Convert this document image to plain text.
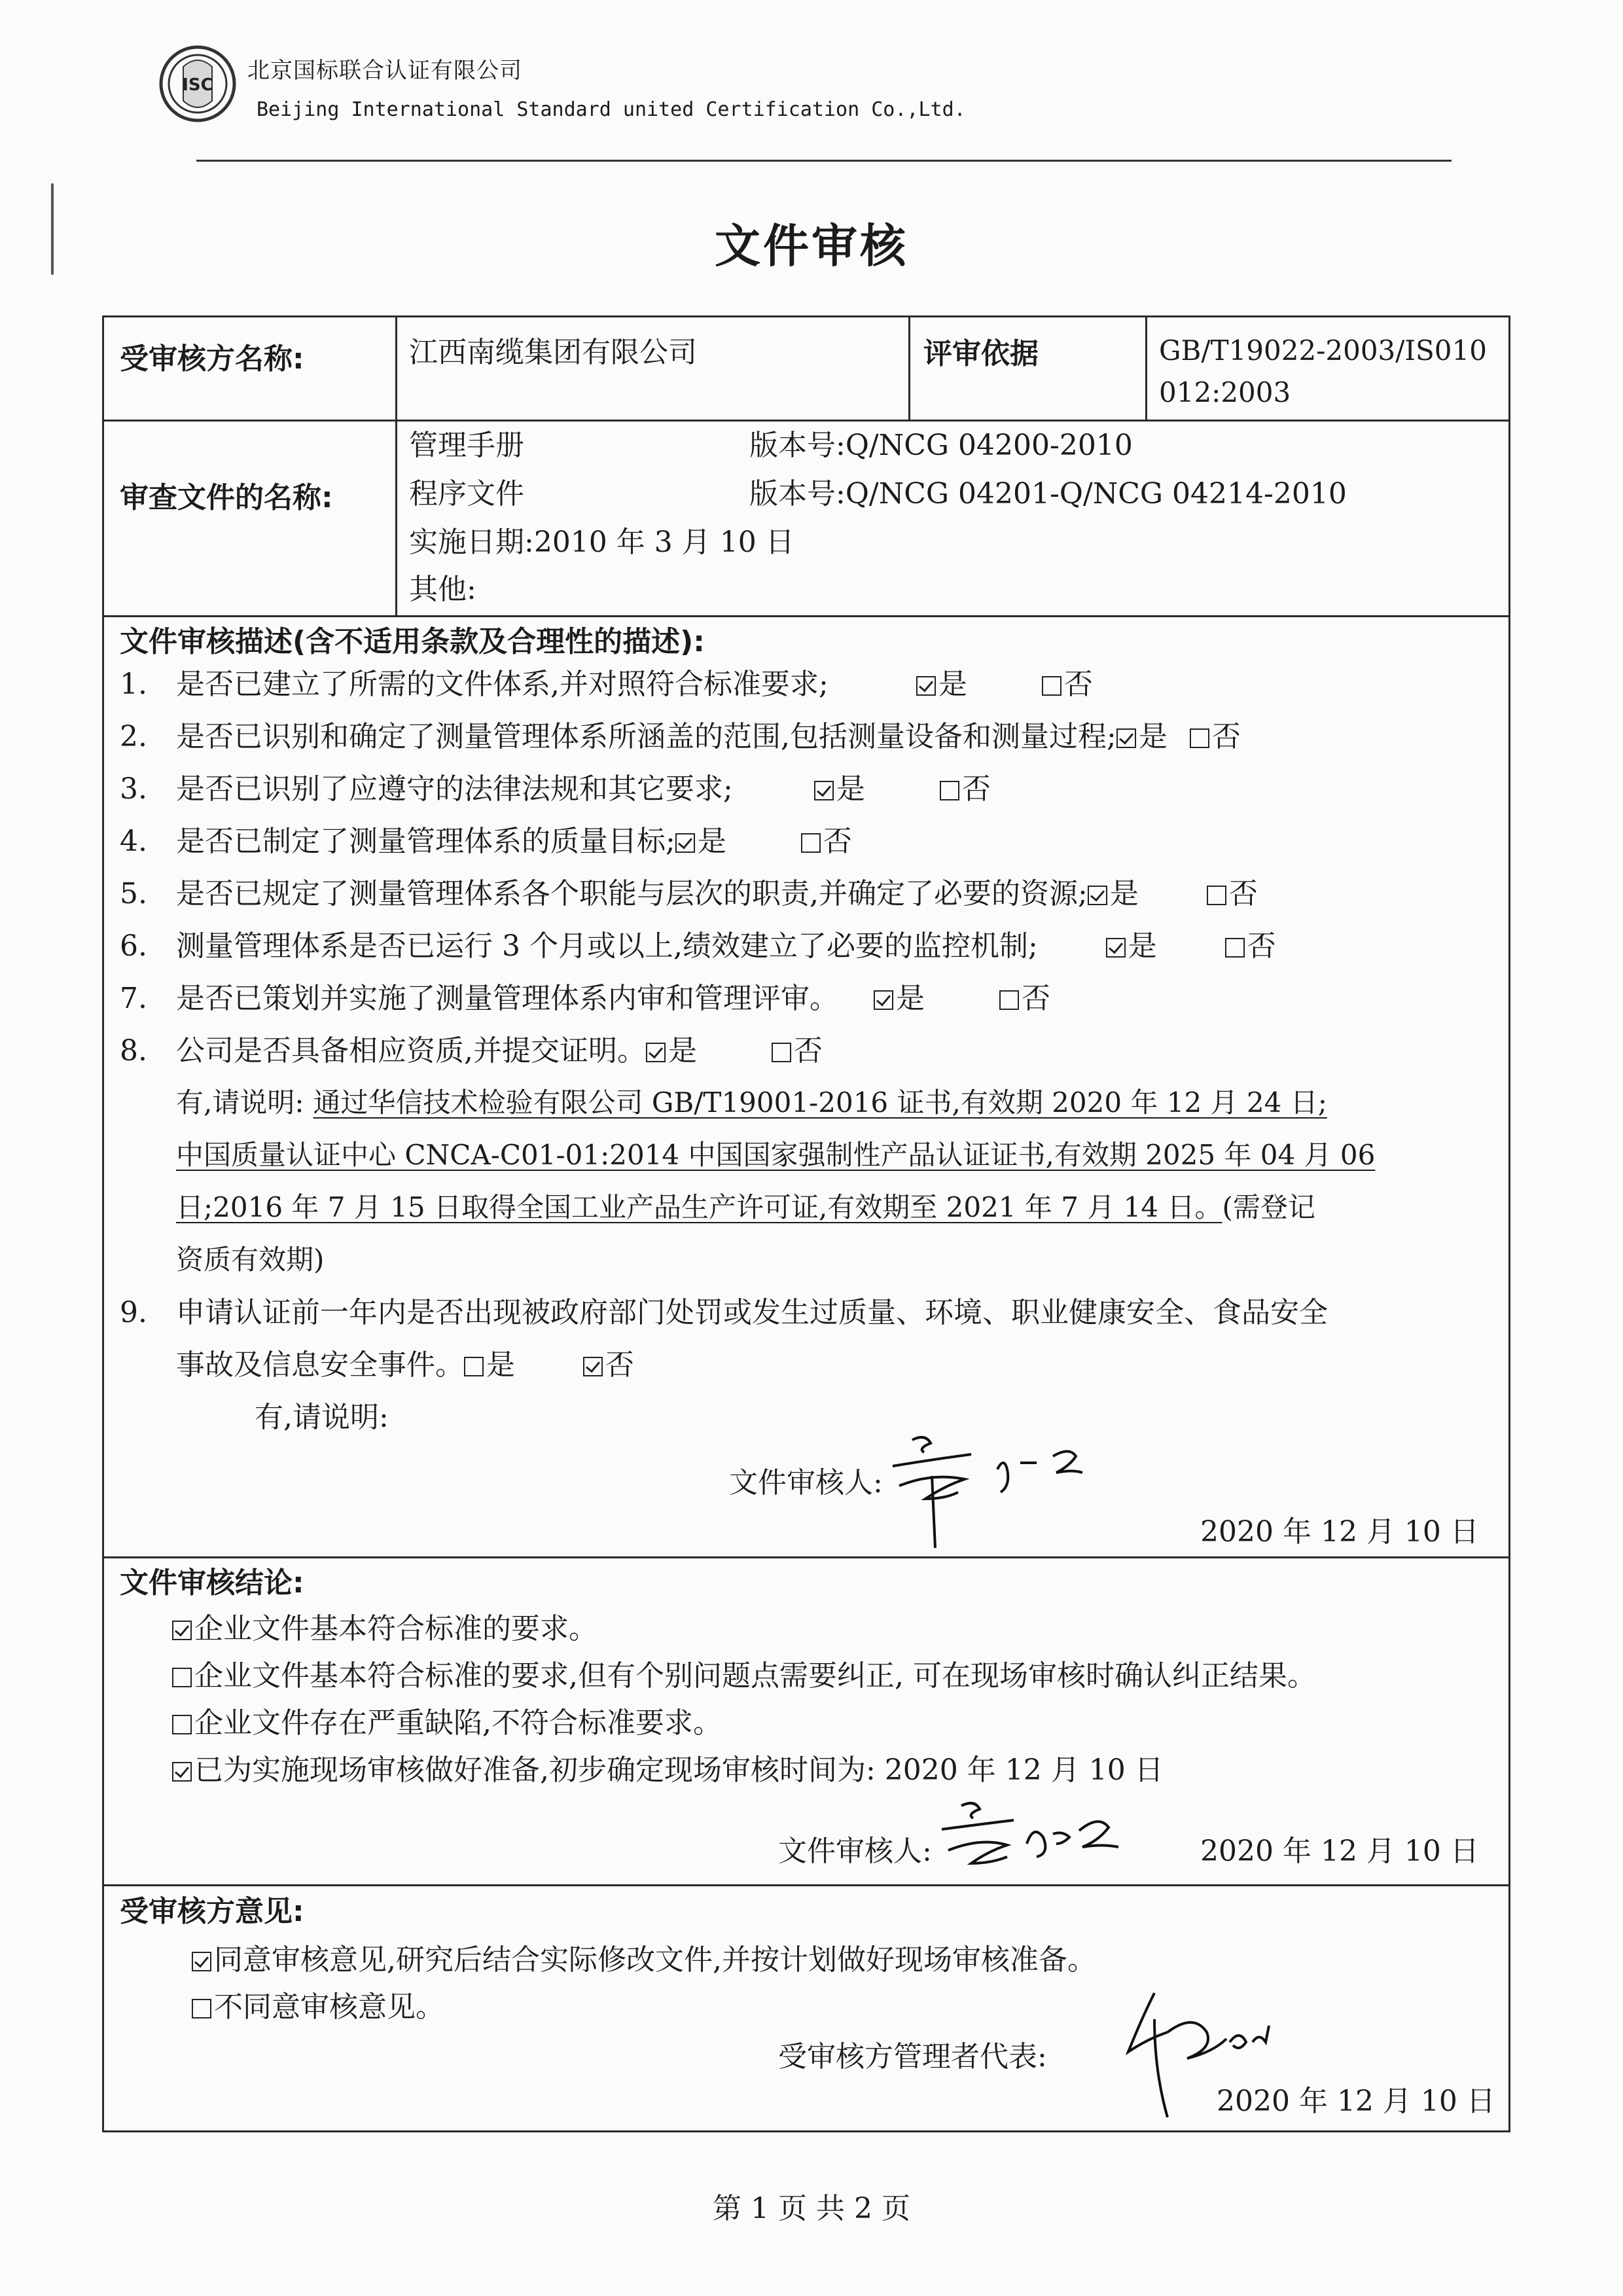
ISC
北京国标联合认证有限公司
Beijing International Standard united Certification Co.,Ltd.
文件审核
受审核方名称:	江西南缆集团有限公司	评审依据	GB/T19022-2003/IS010
012:2003
审查文件的名称:
管理手册	版本号:Q/NCG 04200-2010
程序文件	版本号:Q/NCG 04201-Q/NCG 04214-2010
实施日期:2010 年 3 月 10 日
其他:
文件审核描述(含不适用条款及合理性的描述):
1. 是否已建立了所需的文件体系,并对照符合标准要求;	是	否
2. 是否已识别和确定了测量管理体系所涵盖的范围,包括测量设备和测量过程; 是 否
3. 是否已识别了应遵守的法律法规和其它要求;	是	否
4. 是否已制定了测量管理体系的质量目标; 是	否
5. 是否已规定了测量管理体系各个职能与层次的职责,并确定了必要的资源; 是	否
6. 测量管理体系是否已运行 3 个月或以上,绩效建立了必要的监控机制;	是	否
7. 是否已策划并实施了测量管理体系内审和管理评审。 是	否
8. 公司是否具备相应资质,并提交证明。 是	否
有,请说明: 通过华信技术检验有限公司 GB/T19001-2016 证书,有效期 2020 年 12 月 24 日;
中国质量认证中心 CNCA-C01-01:2014 中国国家强制性产品认证证书,有效期 2025 年 04 月 06
日;2016 年 7 月 15 日取得全国工业产品生产许可证,有效期至 2021 年 7 月 14 日。(需登记
资质有效期)
9. 申请认证前一年内是否出现被政府部门处罚或发生过质量、环境、职业健康安全、食品安全
事故及信息安全事件。 是	否
有,请说明:
文件审核人:
2020 年 12 月 10 日
文件审核结论:
企业文件基本符合标准的要求。
企业文件基本符合标准的要求,但有个别问题点需要纠正, 可在现场审核时确认纠正结果。
企业文件存在严重缺陷,不符合标准要求。
已为实施现场审核做好准备,初步确定现场审核时间为: 2020 年 12 月 10 日
文件审核人:	2020 年 12 月 10 日
受审核方意见:
同意审核意见,研究后结合实际修改文件,并按计划做好现场审核准备。
不同意审核意见。
受审核方管理者代表:
2020 年 12 月 10 日
第 1 页 共 2 页
